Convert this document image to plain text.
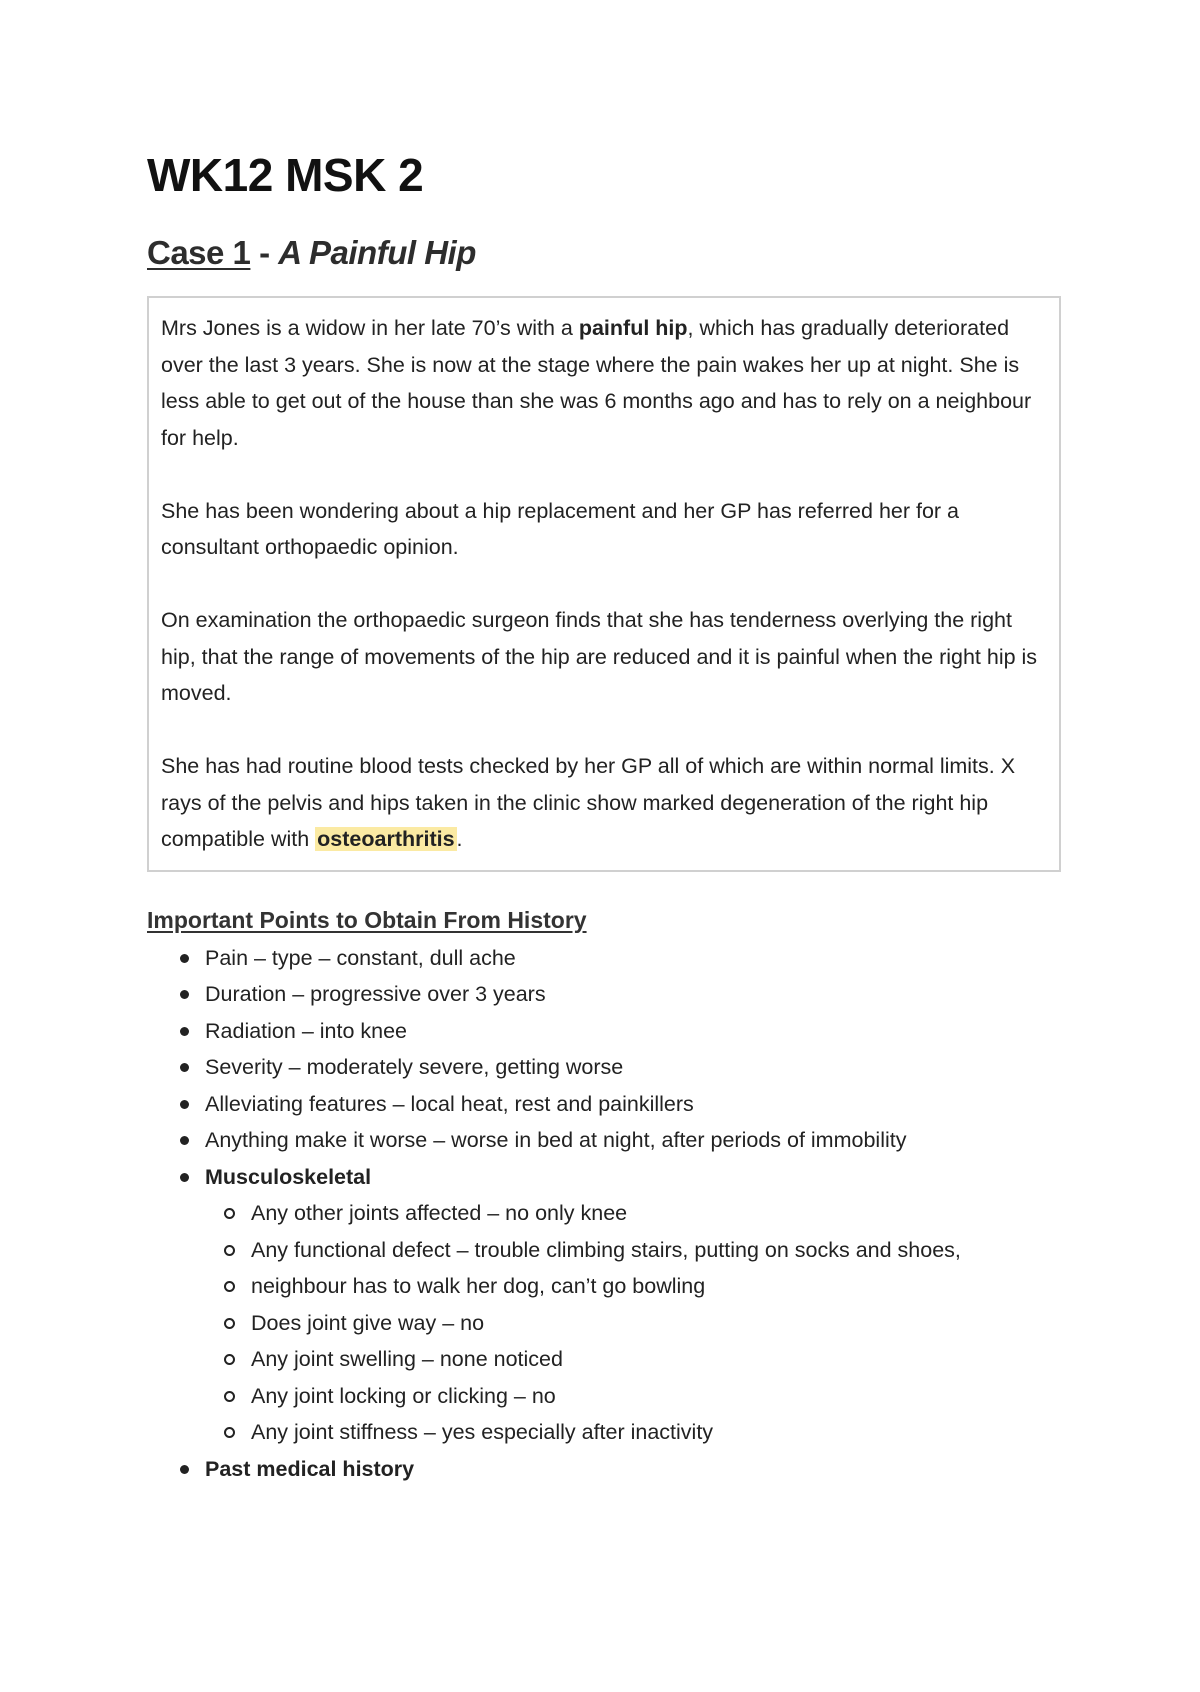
WK12 MSK 2
Case 1 - A Painful Hip

Mrs Jones is a widow in her late 70’s with a painful hip, which has gradually deteriorated over the last 3 years. She is now at the stage where the pain wakes her up at night. She is less able to get out of the house than she was 6 months ago and has to rely on a neighbour for help.

She has been wondering about a hip replacement and her GP has referred her for a consultant orthopaedic opinion.

On examination the orthopaedic surgeon finds that she has tenderness overlying the right hip, that the range of movements of the hip are reduced and it is painful when the right hip is moved.

She has had routine blood tests checked by her GP all of which are within normal limits. X rays of the pelvis and hips taken in the clinic show marked degeneration of the right hip compatible with osteoarthritis.

Important Points to Obtain From History
Pain – type – constant, dull ache
Duration – progressive over 3 years
Radiation – into knee
Severity – moderately severe, getting worse
Alleviating features – local heat, rest and painkillers
Anything make it worse – worse in bed at night, after periods of immobility
Musculoskeletal
Any other joints affected – no only knee
Any functional defect – trouble climbing stairs, putting on socks and shoes,
neighbour has to walk her dog, can’t go bowling
Does joint give way – no
Any joint swelling – none noticed
Any joint locking or clicking – no
Any joint stiffness – yes especially after inactivity
Past medical history
